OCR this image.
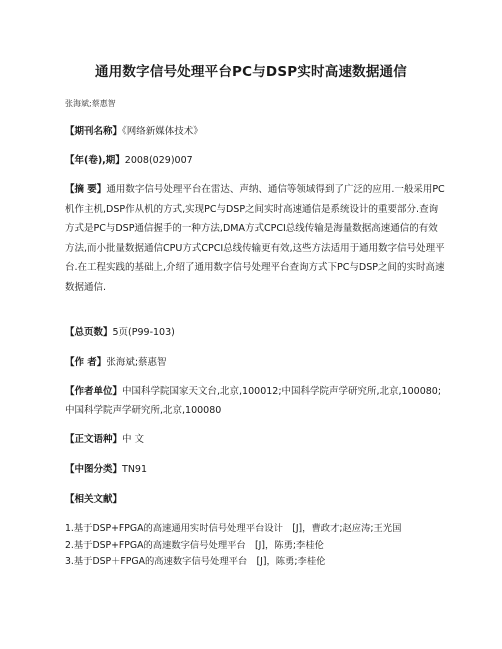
通用数字信号处理平台PC与DSP实时高速数据通信
张海斌;蔡惠智
【期刊名称】《网络新媒体技术》
【年(卷),期】2008(029)007
【摘 要】通用数字信号处理平台在雷达、声纳、通信等领域得到了广泛的应用.一般采用PC机作主机,DSP作从机的方式,实现PC与DSP之间实时高速通信是系统设计的重要部分.查询方式是PC与DSP通信握手的一种方法,DMA方式CPCI总线传输是海量数据高速通信的有效方法,而小批量数据通信CPU方式CPCI总线传输更有效,这些方法适用于通用数字信号处理平台.在工程实践的基础上,介绍了通用数字信号处理平台查询方式下PC与DSP之间的实时高速数据通信.
【总页数】5页(P99-103)
【作 者】张海斌;蔡惠智
【作者单位】中国科学院国家天文台,北京,100012;中国科学院声学研究所,北京,100080;中国科学院声学研究所,北京,100080
【正文语种】中 文
【中图分类】TN91
【相关文献】
1.基于DSP+FPGA的高速通用实时信号处理平台设计　[J]，曹政才;赵应涛;王光国
2.基于DSP+FPGA的高速数字信号处理平台　[J]，陈勇;李桂伦
3.基于DSP＋FPGA的高速数字信号处理平台　[J]，陈勇;李桂伦
